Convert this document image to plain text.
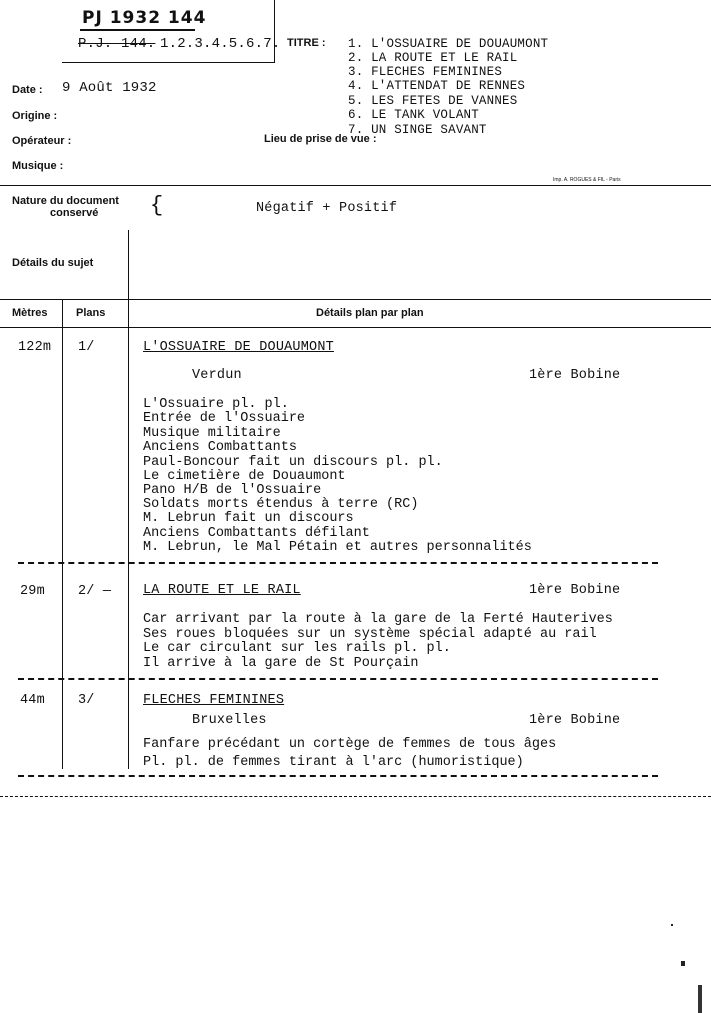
PJ 1932 144
P.J. 144. 1.2.3.4.5.6.7. TITRE : 1. L'OSSUAIRE DE DOUAUMONT
2. LA ROUTE ET LE RAIL
3. FLECHES FEMININES
4. L'ATTENDAT DE RENNES
5. LES FETES DE VANNES
6. LE TANK VOLANT
7. UN SINGE SAVANT
Date : 9 Août 1932
Origine :
Opérateur :	Lieu de prise de vue :
Musique :
Imp. A. ROGUES & FIL - Paris
Nature du document
conservé {	Négatif + Positif
Détails du sujet
Mètres	Plans	Détails plan par plan
122m 1/	L'OSSUAIRE DE DOUAUMONT
Verdun	1ère Bobine
L'Ossuaire pl. pl.
Entrée de l'Ossuaire
Musique militaire
Anciens Combattants
Paul-Boncour fait un discours pl. pl.
Le cimetière de Douaumont
Pano H/B de l'Ossuaire
Soldats morts étendus à terre (RC)
M. Lebrun fait un discours
Anciens Combattants défilant
M. Lebrun, le Mal Pétain et autres personnalités
29m 2/ — LA ROUTE ET LE RAIL	1ère Bobine
Car arrivant par la route à la gare de la Ferté Hauterives
Ses roues bloquées sur un système spécial adapté au rail
Le car circulant sur les rails pl. pl.
Il arrive à la gare de St Pourçain
44m 3/	FLECHES FEMININES
Bruxelles	1ère Bobine
Fanfare précédant un cortège de femmes de tous âges
Pl. pl. de femmes tirant à l'arc (humoristique)
